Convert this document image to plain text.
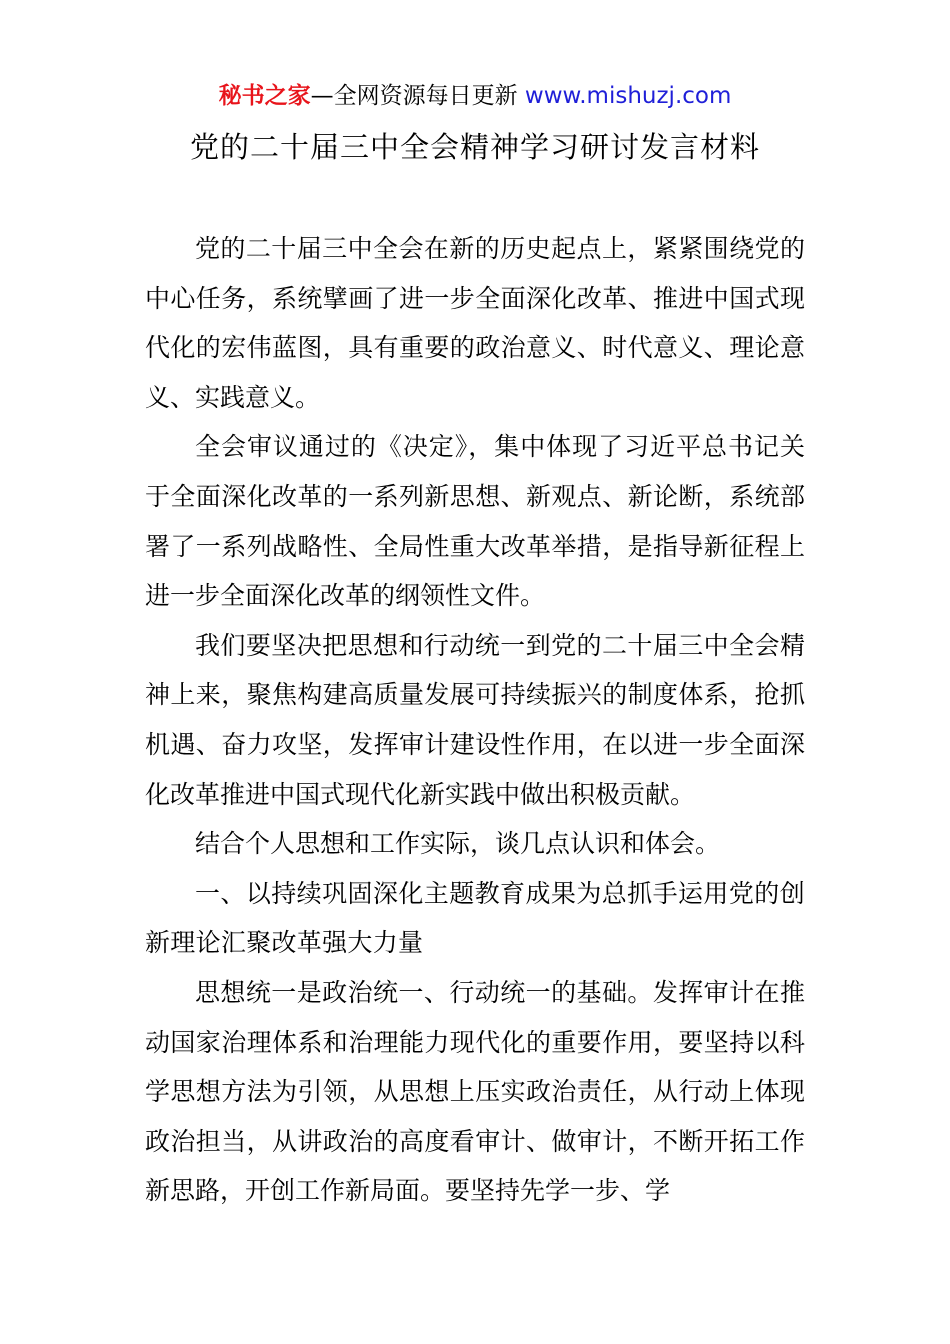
秘书之家—全网资源每日更新 www.mishuzj.com
党的二十届三中全会精神学习研讨发言材料

党的二十届三中全会在新的历史起点上，紧紧围绕党的中心任务，系统擘画了进一步全面深化改革、推进中国式现代化的宏伟蓝图，具有重要的政治意义、时代意义、理论意义、实践意义。

全会审议通过的《决定》，集中体现了习近平总书记关于全面深化改革的一系列新思想、新观点、新论断，系统部署了一系列战略性、全局性重大改革举措，是指导新征程上进一步全面深化改革的纲领性文件。

我们要坚决把思想和行动统一到党的二十届三中全会精神上来，聚焦构建高质量发展可持续振兴的制度体系，抢抓机遇、奋力攻坚，发挥审计建设性作用，在以进一步全面深化改革推进中国式现代化新实践中做出积极贡献。

结合个人思想和工作实际，谈几点认识和体会。

一、以持续巩固深化主题教育成果为总抓手运用党的创新理论汇聚改革强大力量

思想统一是政治统一、行动统一的基础。发挥审计在推动国家治理体系和治理能力现代化的重要作用，要坚持以科学思想方法为引领，从思想上压实政治责任，从行动上体现政治担当，从讲政治的高度看审计、做审计，不断开拓工作新思路，开创工作新局面。要坚持先学一步、学
